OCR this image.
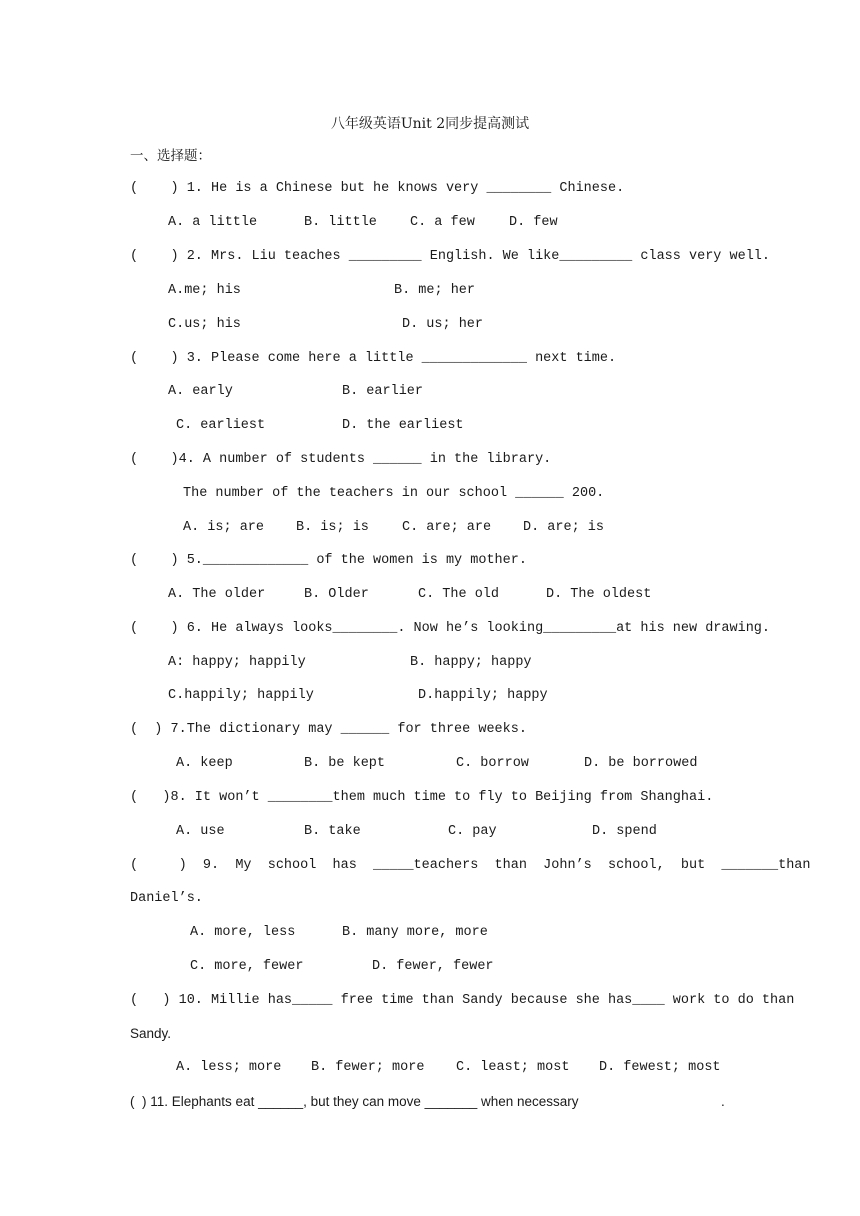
八年级英语Unit 2同步提高测试
一、选择题：
(    ) 1. He is a Chinese but he knows very ________ Chinese.
A. a little	B. little C. a few	D. few
(    ) 2. Mrs. Liu teaches _________ English. We like_________ class very well.
A.me; his	B. me; her
C.us; his	D. us; her
(    ) 3. Please come here a little _____________ next time.
A. early	B. earlier
C. earliest	D. the earliest
(    )4. A number of students ______ in the library.
The number of the teachers in our school ______ 200.
A. is; are B. is; is C. are; are D. are; is
(    ) 5._____________ of the women is my mother.
A. The older	B. Older	C. The old	D. The oldest
(    ) 6. He always looks________. Now he’s looking_________at his new drawing.
A: happy; happily	B. happy; happy
C.happily; happily	D.happily; happy
(  ) 7.The dictionary may ______ for three weeks.
A. keep	B. be kept	C. borrow	D. be borrowed
(   )8. It won’t ________them much time to fly to Beijing from Shanghai.
A. use	B. take	C. pay	D. spend
(     )  9.  My  school  has  _____teachers  than  John’s  school,  but  _______than
Daniel’s.
A. more, less	B. many more, more
C. more, fewer	D. fewer, fewer
(   ) 10. Millie has_____ free time than Sandy because she has____ work to do than
Sandy.
A. less; more B. fewer; more C. least; most D. fewest; most
(  ) 11. Elephants eat ______, but they can move _______ when necessary	.
